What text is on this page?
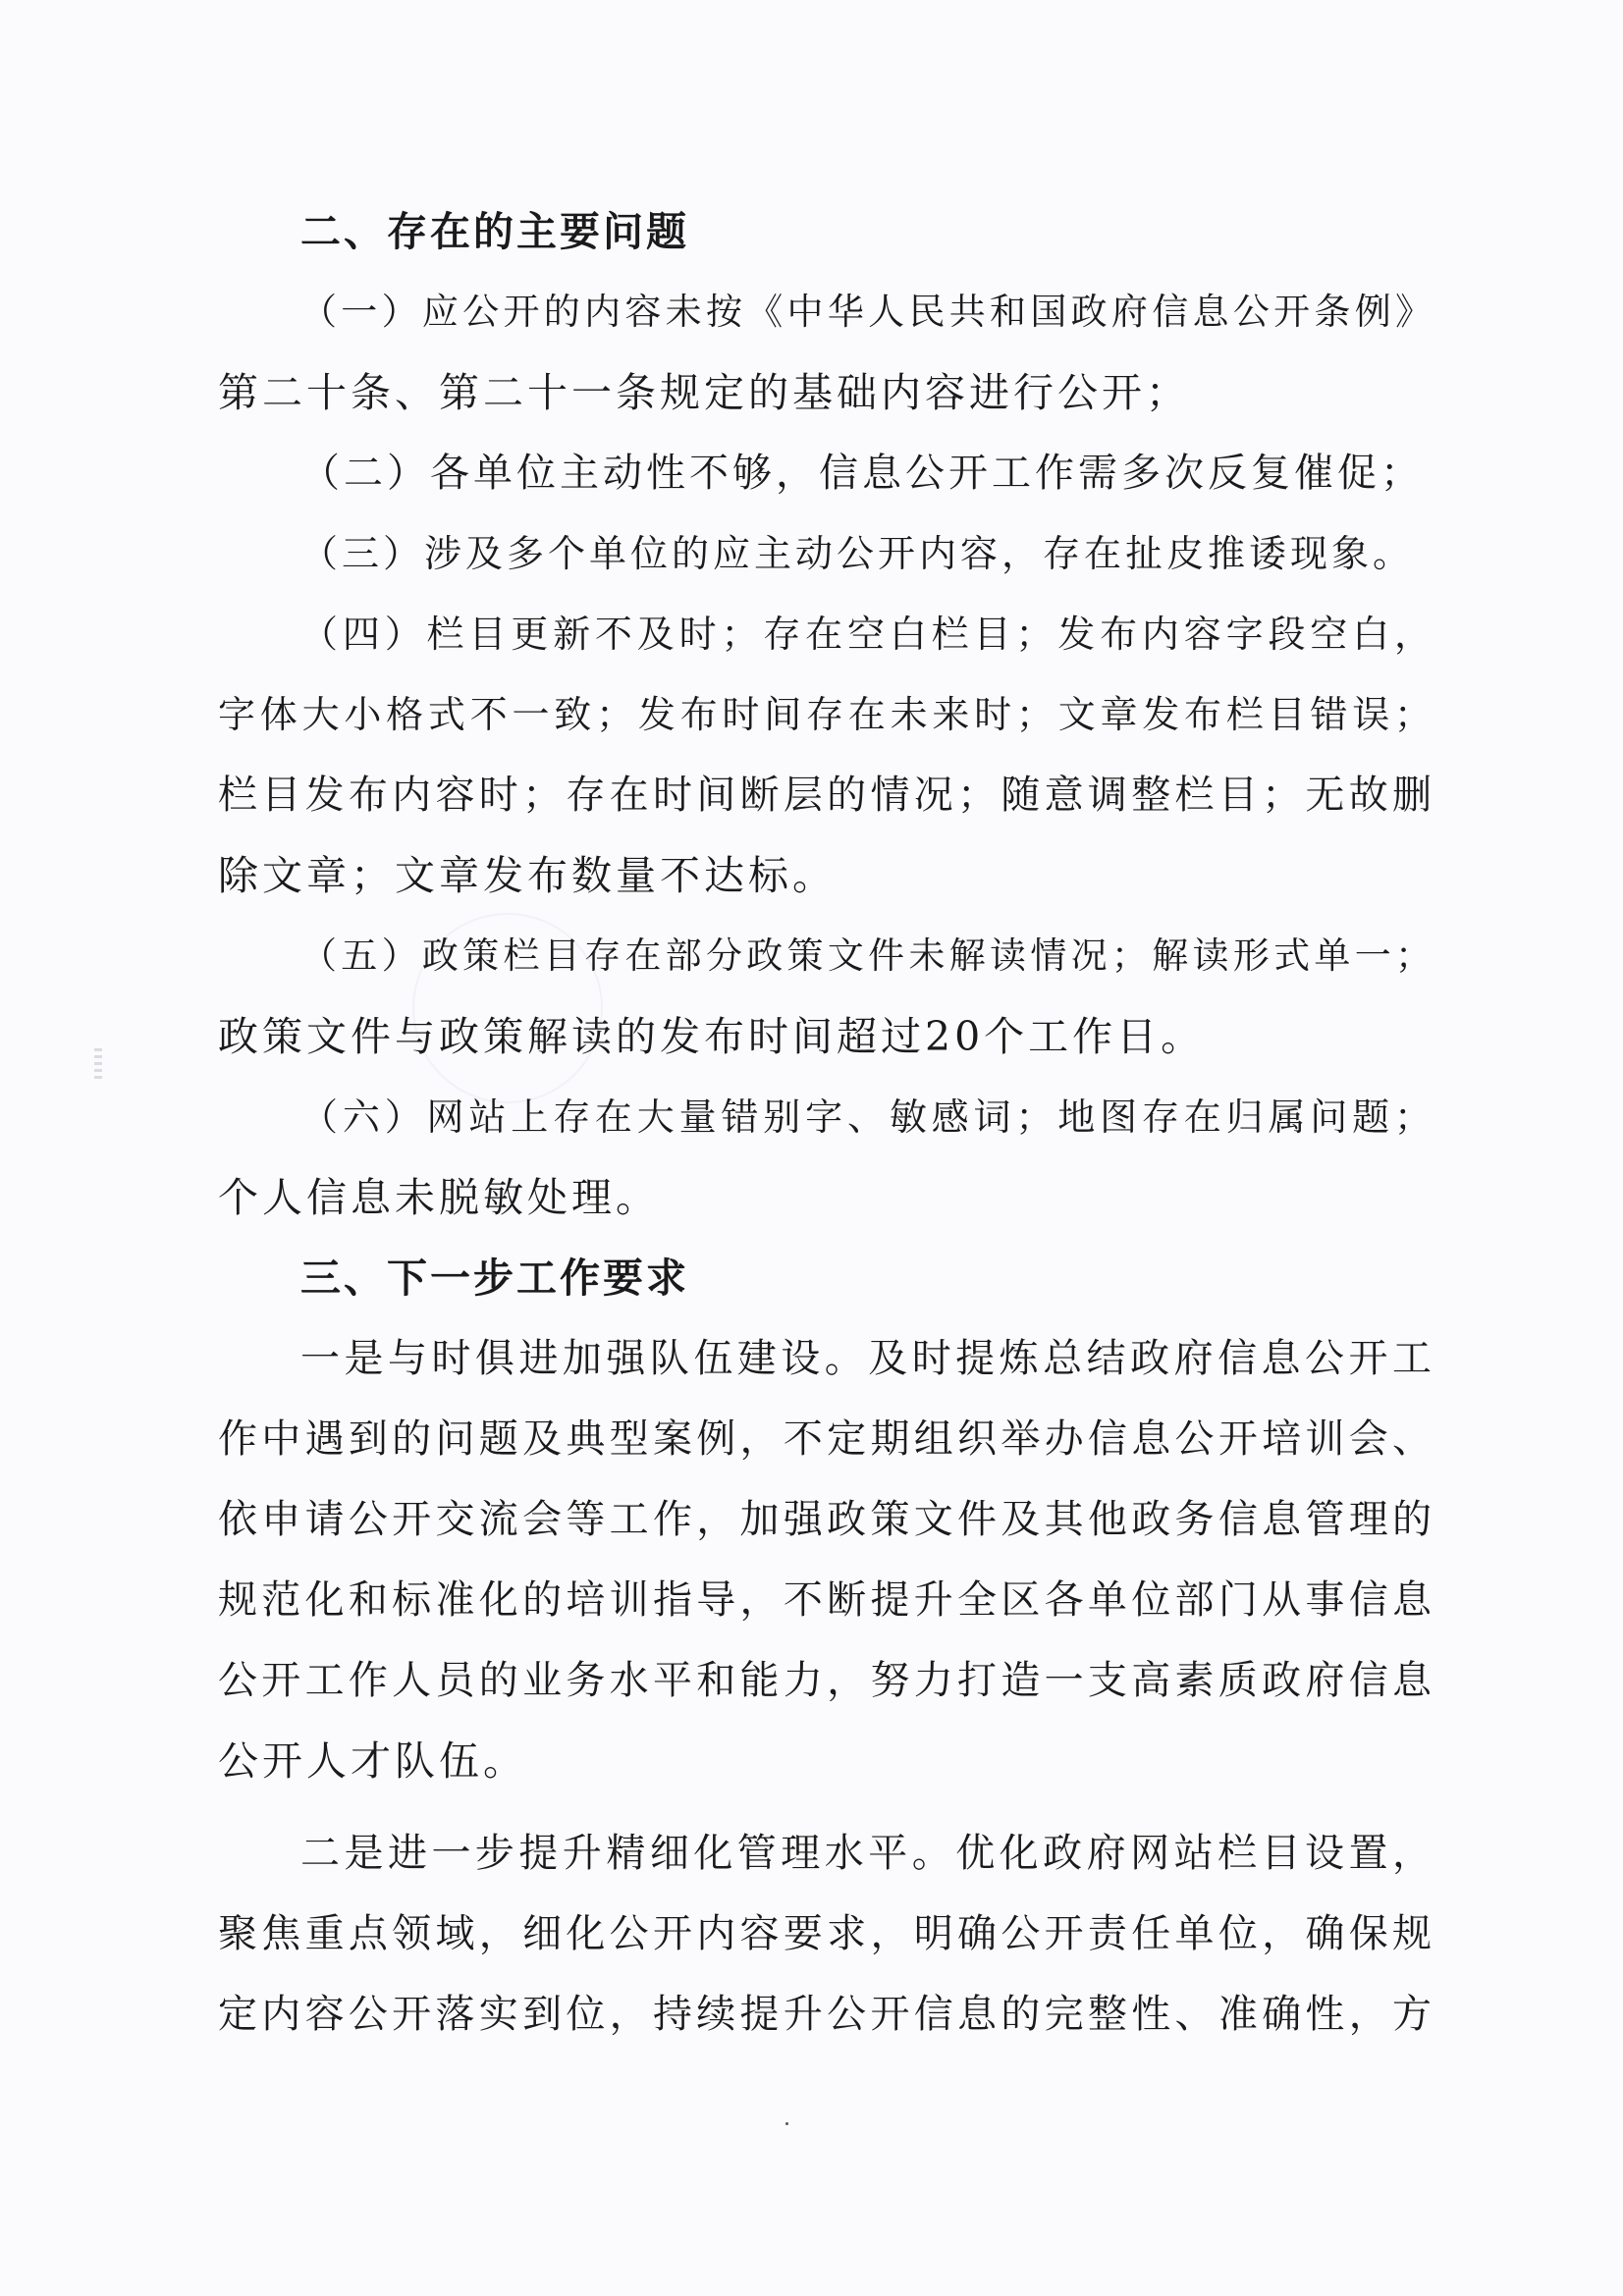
二、存在的主要问题
（一）应公开的内容未按《中华人民共和国政府信息公开条例》
第二十条、第二十一条规定的基础内容进行公开；
（二）各单位主动性不够，信息公开工作需多次反复催促；
（三）涉及多个单位的应主动公开内容，存在扯皮推诿现象。
（四）栏目更新不及时；存在空白栏目；发布内容字段空白，
字体大小格式不一致；发布时间存在未来时；文章发布栏目错误；
栏目发布内容时；存在时间断层的情况；随意调整栏目；无故删
除文章；文章发布数量不达标。
（五）政策栏目存在部分政策文件未解读情况；解读形式单一；
政策文件与政策解读的发布时间超过20个工作日。
（六）网站上存在大量错别字、敏感词；地图存在归属问题；
个人信息未脱敏处理。
三、下一步工作要求
一是与时俱进加强队伍建设。及时提炼总结政府信息公开工
作中遇到的问题及典型案例，不定期组织举办信息公开培训会、
依申请公开交流会等工作，加强政策文件及其他政务信息管理的
规范化和标准化的培训指导，不断提升全区各单位部门从事信息
公开工作人员的业务水平和能力，努力打造一支高素质政府信息
公开人才队伍。
二是进一步提升精细化管理水平。优化政府网站栏目设置，
聚焦重点领域，细化公开内容要求，明确公开责任单位，确保规
定内容公开落实到位，持续提升公开信息的完整性、准确性，方
